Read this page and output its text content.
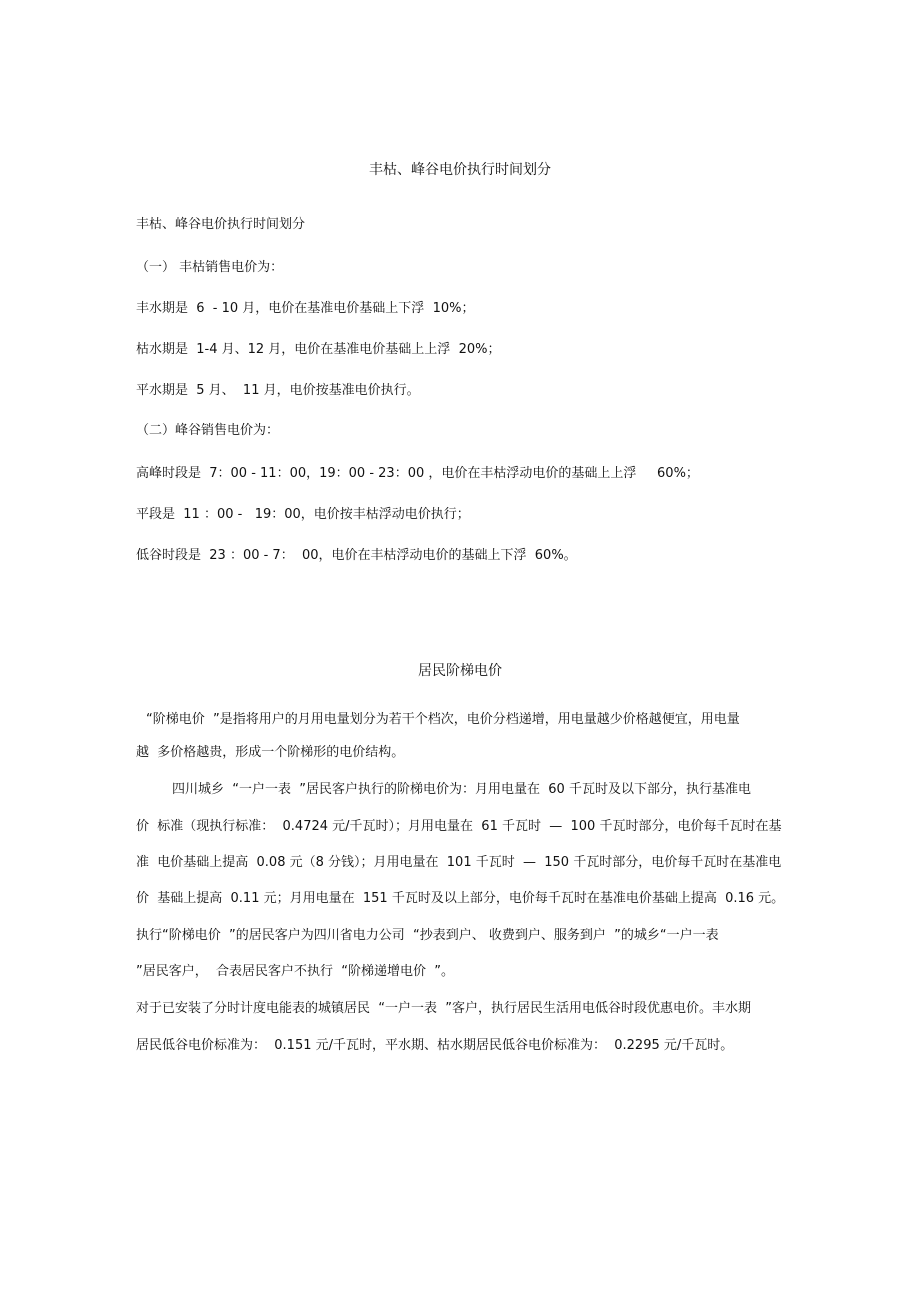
丰枯、峰谷电价执行时间划分
丰枯、峰谷电价执行时间划分
（一） 丰枯销售电价为：
丰水期是  6  - 10 月，电价在基准电价基础上下浮  10%；
枯水期是  1-4 月、12 月，电价在基准电价基础上上浮  20%；
平水期是  5 月、  11 月，电价按基准电价执行。
（二）峰谷销售电价为：
高峰时段是  7：00 - 11：00，19：00 - 23：00 ，电价在丰枯浮动电价的基础上上浮     60%；
平段是  11 ：00 -   19：00，电价按丰枯浮动电价执行；
低谷时段是  23 ：00 - 7：  00，电价在丰枯浮动电价的基础上下浮  60%。
居民阶梯电价
“阶梯电价  ”是指将用户的月用电量划分为若干个档次，电价分档递增，用电量越少价格越便宜，用电量
越  多价格越贵，形成一个阶梯形的电价结构。
四川城乡  “一户一表  ”居民客户执行的阶梯电价为：月用电量在  60 千瓦时及以下部分，执行基准电
价  标准（现执行标准：  0.4724 元/千瓦时）；月用电量在  61 千瓦时  —  100 千瓦时部分，电价每千瓦时在基
准  电价基础上提高  0.08 元（8 分钱）；月用电量在  101 千瓦时  —  150 千瓦时部分，电价每千瓦时在基准电
价  基础上提高  0.11 元；月用电量在  151 千瓦时及以上部分，电价每千瓦时在基准电价基础上提高  0.16 元。
执行“阶梯电价  ”的居民客户为四川省电力公司  “抄表到户、 收费到户、服务到户  ”的城乡“一户一表
”居民客户，  合表居民客户不执行  “阶梯递增电价  ”。
对于已安装了分时计度电能表的城镇居民  “一户一表  ”客户，执行居民生活用电低谷时段优惠电价。丰水期
居民低谷电价标准为：  0.151 元/千瓦时，平水期、枯水期居民低谷电价标准为：  0.2295 元/千瓦时。
